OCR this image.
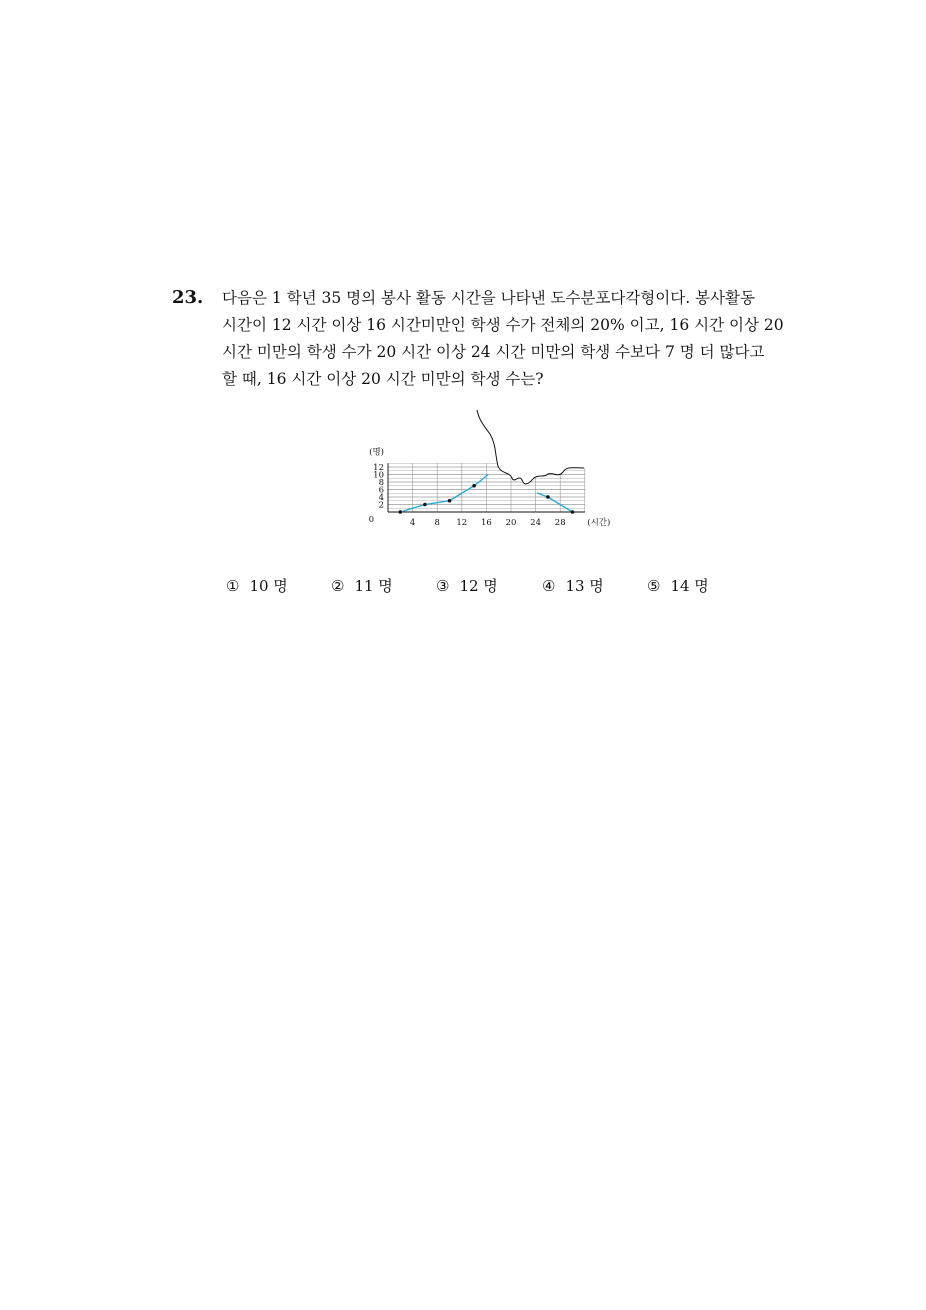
23. 다음은 1 학년 35 명의 봉사 활동 시간을 나타낸 도수분포다각형이다. 봉사활동
시간이 12 시간 이상 16 시간미만인 학생 수가 전체의 20% 이고, 16 시간 이상 20
시간 미만의 학생 수가 20 시간 이상 24 시간 미만의 학생 수보다 7 명 더 많다고
할 때, 16 시간 이상 20 시간 미만의 학생 수는?
4 8 12 16 20 24 28
2
4
6
8
10
12
0
(명)
(시간)
① 10 명	② 11 명	③ 12 명	④ 13 명	⑤ 14 명
